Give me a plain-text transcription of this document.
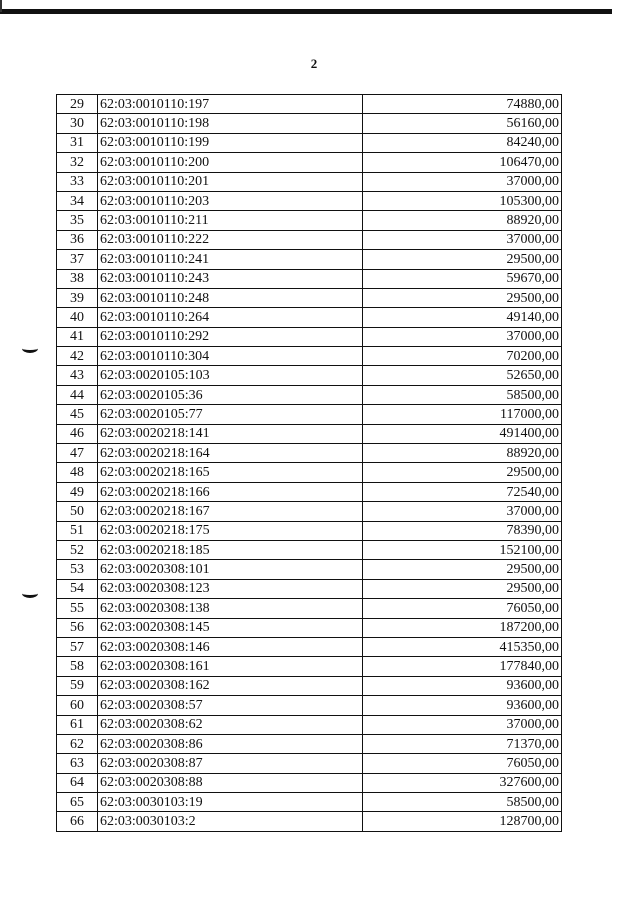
2
29	62:03:0010110:197	74880,00
30	62:03:0010110:198	56160,00
31	62:03:0010110:199	84240,00
32	62:03:0010110:200	106470,00
33	62:03:0010110:201	37000,00
34	62:03:0010110:203	105300,00
35	62:03:0010110:211	88920,00
36	62:03:0010110:222	37000,00
37	62:03:0010110:241	29500,00
38	62:03:0010110:243	59670,00
39	62:03:0010110:248	29500,00
40	62:03:0010110:264	49140,00
41	62:03:0010110:292	37000,00
42	62:03:0010110:304	70200,00
43	62:03:0020105:103	52650,00
44	62:03:0020105:36	58500,00
45	62:03:0020105:77	117000,00
46	62:03:0020218:141	491400,00
47	62:03:0020218:164	88920,00
48	62:03:0020218:165	29500,00
49	62:03:0020218:166	72540,00
50	62:03:0020218:167	37000,00
51	62:03:0020218:175	78390,00
52	62:03:0020218:185	152100,00
53	62:03:0020308:101	29500,00
54	62:03:0020308:123	29500,00
55	62:03:0020308:138	76050,00
56	62:03:0020308:145	187200,00
57	62:03:0020308:146	415350,00
58	62:03:0020308:161	177840,00
59	62:03:0020308:162	93600,00
60	62:03:0020308:57	93600,00
61	62:03:0020308:62	37000,00
62	62:03:0020308:86	71370,00
63	62:03:0020308:87	76050,00
64	62:03:0020308:88	327600,00
65	62:03:0030103:19	58500,00
66	62:03:0030103:2	128700,00
